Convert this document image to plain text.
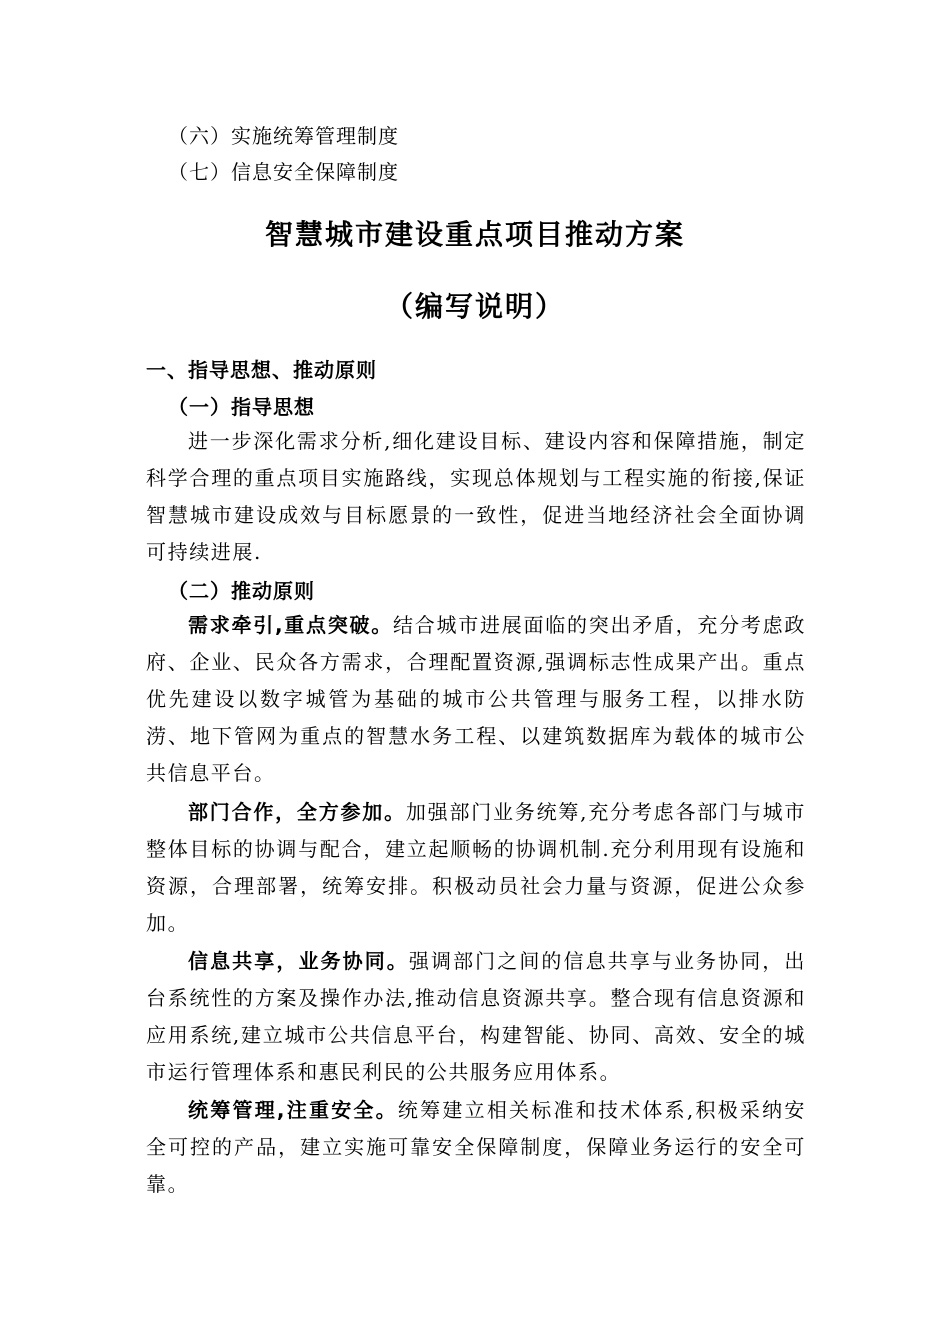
（六）实施统筹管理制度
（七）信息安全保障制度
智慧城市建设重点项目推动方案
（编写说明）
一、指导思想、推动原则
（一）指导思想
进一步深化需求分析,细化建设目标、建设内容和保障措施，制定科学合理的重点项目实施路线，实现总体规划与工程实施的衔接,保证智慧城市建设成效与目标愿景的一致性，促进当地经济社会全面协调可持续进展.
（二）推动原则
需求牵引,重点突破。结合城市进展面临的突出矛盾，充分考虑政府、企业、民众各方需求，合理配置资源,强调标志性成果产出。重点优先建设以数字城管为基础的城市公共管理与服务工程，以排水防涝、地下管网为重点的智慧水务工程、以建筑数据库为载体的城市公共信息平台。
部门合作，全方参加。加强部门业务统筹,充分考虑各部门与城市整体目标的协调与配合，建立起顺畅的协调机制.充分利用现有设施和资源，合理部署，统筹安排。积极动员社会力量与资源，促进公众参加。
信息共享，业务协同。强调部门之间的信息共享与业务协同，出台系统性的方案及操作办法,推动信息资源共享。整合现有信息资源和应用系统,建立城市公共信息平台，构建智能、协同、高效、安全的城市运行管理体系和惠民利民的公共服务应用体系。
统筹管理,注重安全。统筹建立相关标准和技术体系,积极采纳安全可控的产品，建立实施可靠安全保障制度，保障业务运行的安全可靠。
